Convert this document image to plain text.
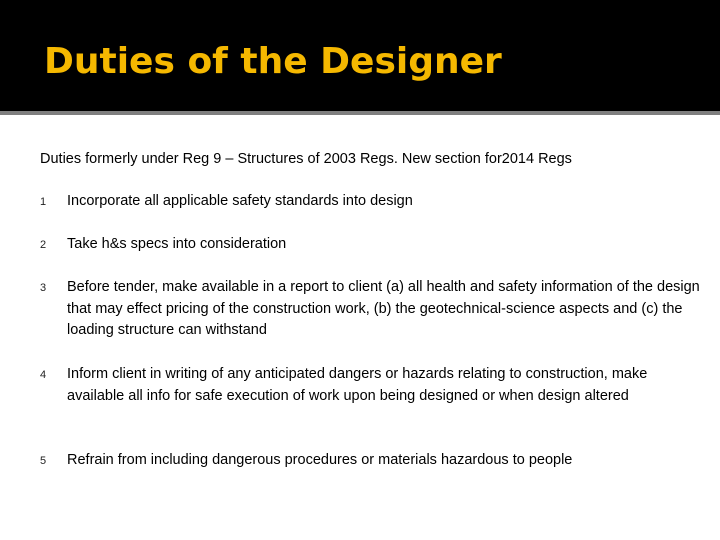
Duties of the Designer

Duties formerly under Reg 9 – Structures of 2003 Regs. New section for2014 Regs

1 Incorporate all applicable safety standards into design

2 Take h&s specs into consideration

3 Before tender, make available in a report to client (a) all health and safety information of the design that may effect pricing of the construction work, (b) the geotechnical-science aspects and (c) the loading structure can withstand

4 Inform client in writing of any anticipated dangers or hazards relating to construction, make available all info for safe execution of work upon being designed or when design altered

5 Refrain from including dangerous procedures or materials hazardous to people
